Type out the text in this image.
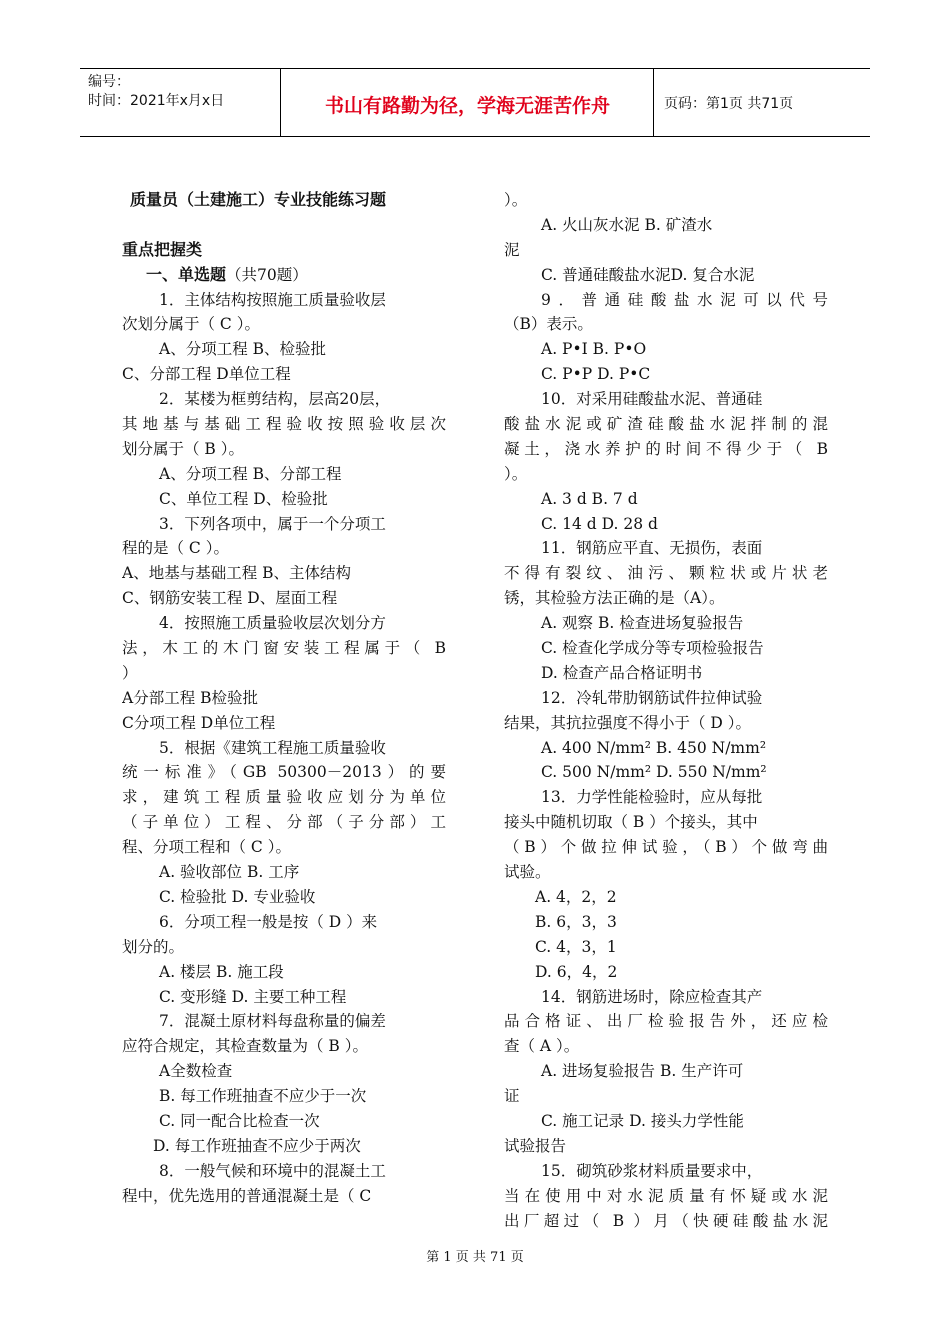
编号：
时间：2021年x月x日	书山有路勤为径，学海无涯苦作舟	页码：第1页 共71页
质量员（土建施工）专业技能练习题
重点把握类
一、单选题（共70题）
1．主体结构按照施工质量验收层
次划分属于（ C ）。
A、分项工程 B、检验批
C、分部工程 D单位工程
2．某楼为框剪结构，层高20层，
其地基与基础工程验收按照验收层次
划分属于（ B ）。
A、分项工程 B、分部工程
C、单位工程 D、检验批
3．下列各项中，属于一个分项工
程的是（ C ）。
A、地基与基础工程 B、主体结构
C、钢筋安装工程 D、屋面工程
4．按照施工质量验收层次划分方
法，木工的木门窗安装工程属于（ B
）
A分部工程 B检验批
C分项工程 D单位工程
5．根据《建筑工程施工质量验收
统一标准》（GB 50300－2013）的要
求，建筑工程质量验收应划分为单位
（子单位）工程、分部（子分部）工
程、分项工程和（ C ）。
A. 验收部位 B. 工序
C. 检验批 D. 专业验收
6．分项工程一般是按（ D ）来
划分的。
A. 楼层 B. 施工段
C. 变形缝 D. 主要工种工程
7．混凝土原材料每盘称量的偏差
应符合规定，其检查数量为（ B ）。
A全数检查
B. 每工作班抽查不应少于一次
C. 同一配合比检查一次
D. 每工作班抽查不应少于两次
8．一般气候和环境中的混凝土工
程中，优先选用的普通混凝土是（ C
）。
A. 火山灰水泥 B. 矿渣水
泥
C. 普通硅酸盐水泥D. 复合水泥
9．普通硅酸盐水泥可以代号
（B）表示。
A. P•Ⅰ B. P•O
C. P•P D. P•C
10．对采用硅酸盐水泥、普通硅
酸盐水泥或矿渣硅酸盐水泥拌制的混
凝土，浇水养护的时间不得少于（ B
）。
A. 3 d B. 7 d
C. 14 d D. 28 d
11．钢筋应平直、无损伤，表面
不得有裂纹、油污、颗粒状或片状老
锈，其检验方法正确的是（A）。
A. 观察 B. 检查进场复验报告
C. 检查化学成分等专项检验报告
D. 检查产品合格证明书
12．冷轧带肋钢筋试件拉伸试验
结果，其抗拉强度不得小于（ D ）。
A. 400 N/mm² B. 450 N/mm²
C. 500 N/mm² D. 550 N/mm²
13．力学性能检验时，应从每批
接头中随机切取（ B ）个接头，其中
（B）个做拉伸试验，（B）个做弯曲
试验。
A. 4，2，2
B. 6，3，3
C. 4，3，1
D. 6，4，2
14．钢筋进场时，除应检查其产
品合格证、出厂检验报告外，还应检
查（ A ）。
A. 进场复验报告 B. 生产许可
证
C. 施工记录 D. 接头力学性能
试验报告
15．砌筑砂浆材料质量要求中，
当在使用中对水泥质量有怀疑或水泥
出厂超过（ B ）月（快硬硅酸盐水泥
第 1 页 共 71 页
